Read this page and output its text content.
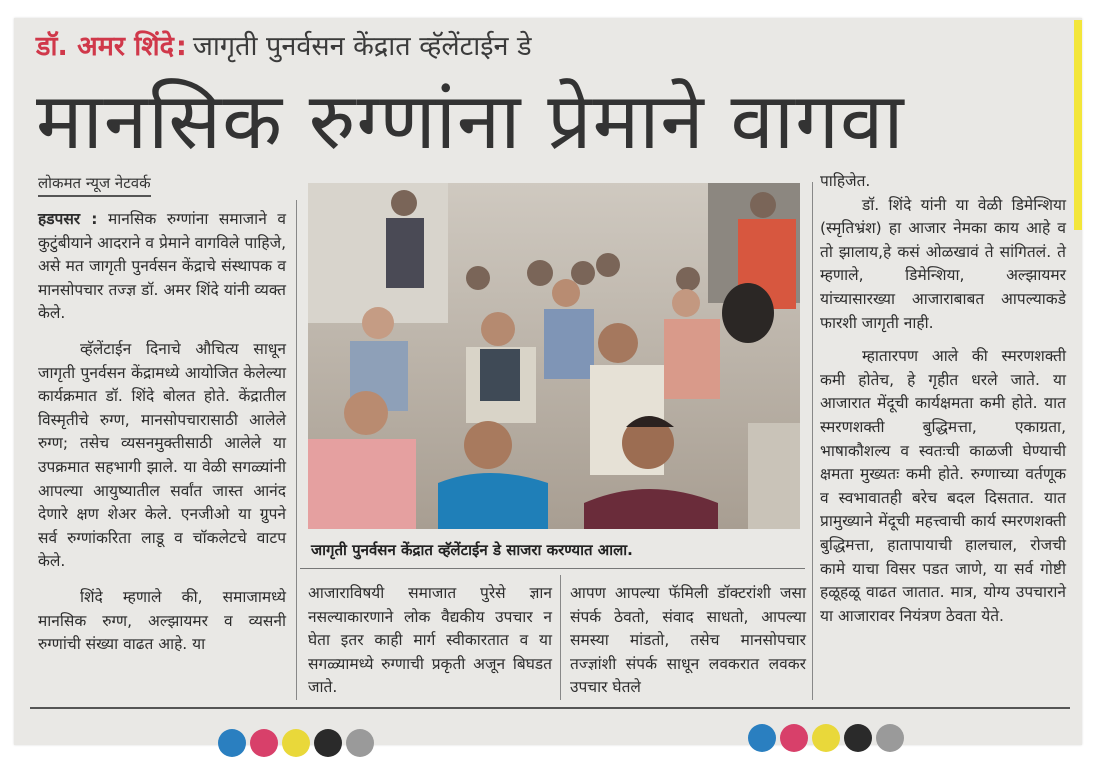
डॉ. अमर शिंदे: जागृती पुनर्वसन केंद्रात व्हॅलेंटाईन डे
मानसिक रुग्णांना प्रेमाने वागवा
लोकमत न्यूज नेटवर्क

हडपसर : मानसिक रुग्णांना समाजाने व कुटुंबीयाने आदराने व प्रेमाने वागविले पाहिजे, असे मत जागृती पुनर्वसन केंद्राचे संस्थापक व मानसोपचार तज्ज्ञ डॉ. अमर शिंदे यांनी व्यक्त केले.

व्हॅलेंटाईन दिनाचे औचित्य साधून जागृती पुनर्वसन केंद्रामध्ये आयोजित केलेल्या कार्यक्रमात डॉ. शिंदे बोलत होते. केंद्रातील विस्मृतीचे रुग्ण, मानसोपचारासाठी आलेले रुग्ण; तसेच व्यसनमुक्तीसाठी आलेले या उपक्रमात सहभागी झाले. या वेळी सगळ्यांनी आपल्या आयुष्यातील सर्वांत जास्त आनंद देणारे क्षण शेअर केले. एनजीओ या ग्रुपने सर्व रुग्णांकरिता लाडू व चॉकलेटचे वाटप केले.

शिंदे म्हणाले की, समाजामध्ये मानसिक रुग्ण, अल्झायमर व व्यसनी रुग्णांची संख्या वाढत आहे. या

जागृती पुनर्वसन केंद्रात व्हॅलेंटाईन डे साजरा करण्यात आला.

आजाराविषयी समाजात पुरेसे ज्ञान नसल्याकारणाने लोक वैद्यकीय उपचार न घेता इतर काही मार्ग स्वीकारतात व या सगळ्यामध्ये रुग्णाची प्रकृती अजून बिघडत जाते.

आपण आपल्या फॅमिली डॉक्टरांशी जसा संपर्क ठेवतो, संवाद साधतो, आपल्या समस्या मांडतो, तसेच मानसोपचार तज्ज्ञांशी संपर्क साधून लवकरात लवकर उपचार घेतले

पाहिजेत.

डॉ. शिंदे यांनी या वेळी डिमेन्शिया (स्मृतिभ्रंश) हा आजार नेमका काय आहे व तो झालाय,हे कसं ओळखावं ते सांगितलं. ते म्हणाले, डिमेन्शिया, अल्झायमर यांच्यासारख्या आजाराबाबत आपल्याकडे फारशी जागृती नाही.

म्हातारपण आले की स्मरणशक्ती कमी होतेच, हे गृहीत धरले जाते. या आजारात मेंदूची कार्यक्षमता कमी होते. यात स्मरणशक्ती बुद्धिमत्ता, एकाग्रता, भाषाकौशल्य व स्वतःची काळजी घेण्याची क्षमता मुख्यतः कमी होते. रुग्णाच्या वर्तणूक व स्वभावातही बरेच बदल दिसतात. यात प्रामुख्याने मेंदूची महत्त्वाची कार्य स्मरणशक्ती बुद्धिमत्ता, हातापायाची हालचाल, रोजची कामे याचा विसर पडत जाणे, या सर्व गोष्टी हळूहळू वाढत जातात. मात्र, योग्य उपचाराने या आजारावर नियंत्रण ठेवता येते.
